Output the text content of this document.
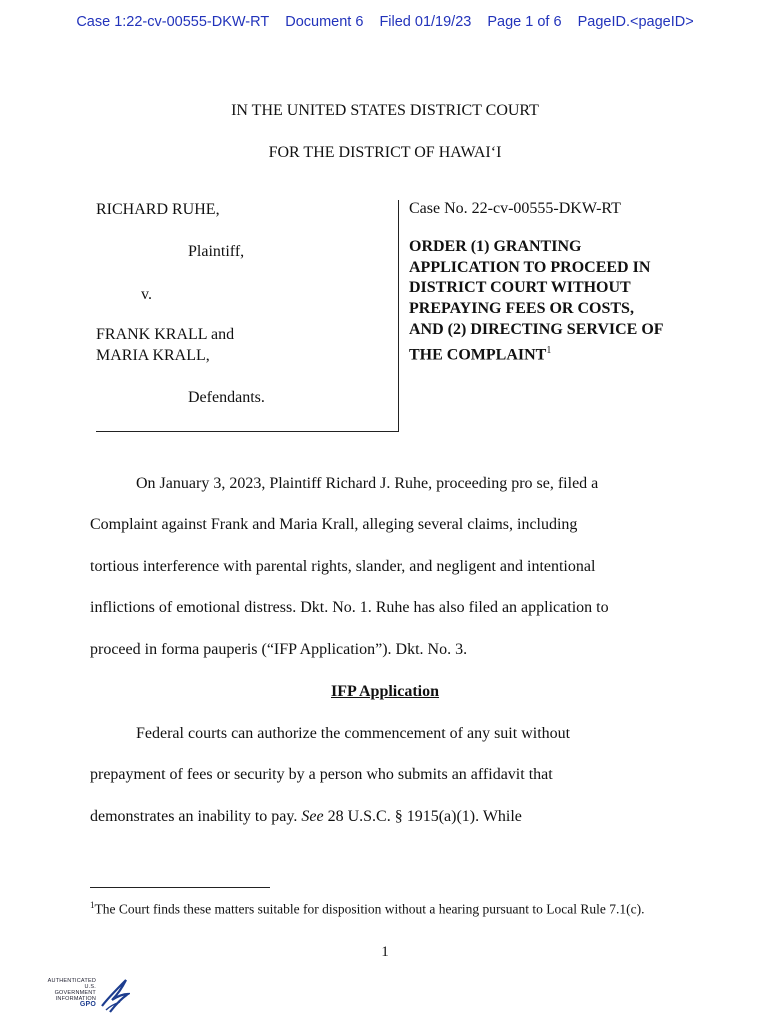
Case 1:22-cv-00555-DKW-RT Document 6 Filed 01/19/23 Page 1 of 6 PageID.<pageID>
IN THE UNITED STATES DISTRICT COURT
FOR THE DISTRICT OF HAWAI‘I
RICHARD RUHE,
Plaintiff,
v.
FRANK KRALL and
MARIA KRALL,
Defendants.
Case No. 22-cv-00555-DKW-RT
ORDER (1) GRANTING
APPLICATION TO PROCEED IN
DISTRICT COURT WITHOUT
PREPAYING FEES OR COSTS,
AND (2) DIRECTING SERVICE OF
THE COMPLAINT$^1$
On January 3, 2023, Plaintiff Richard J. Ruhe, proceeding pro se, filed a
Complaint against Frank and Maria Krall, alleging several claims, including
tortious interference with parental rights, slander, and negligent and intentional
inflictions of emotional distress. Dkt. No. 1. Ruhe has also filed an application to
proceed in forma pauperis (“IFP Application”). Dkt. No. 3.
IFP Application
Federal courts can authorize the commencement of any suit without
prepayment of fees or security by a person who submits an affidavit that
demonstrates an inability to pay. See 28 U.S.C. § 1915(a)(1). While
$^1$The Court finds these matters suitable for disposition without a hearing pursuant to Local Rule 7.1(c).
1
AUTHENTICATED
U.S. GOVERNMENT
INFORMATION
GPO
